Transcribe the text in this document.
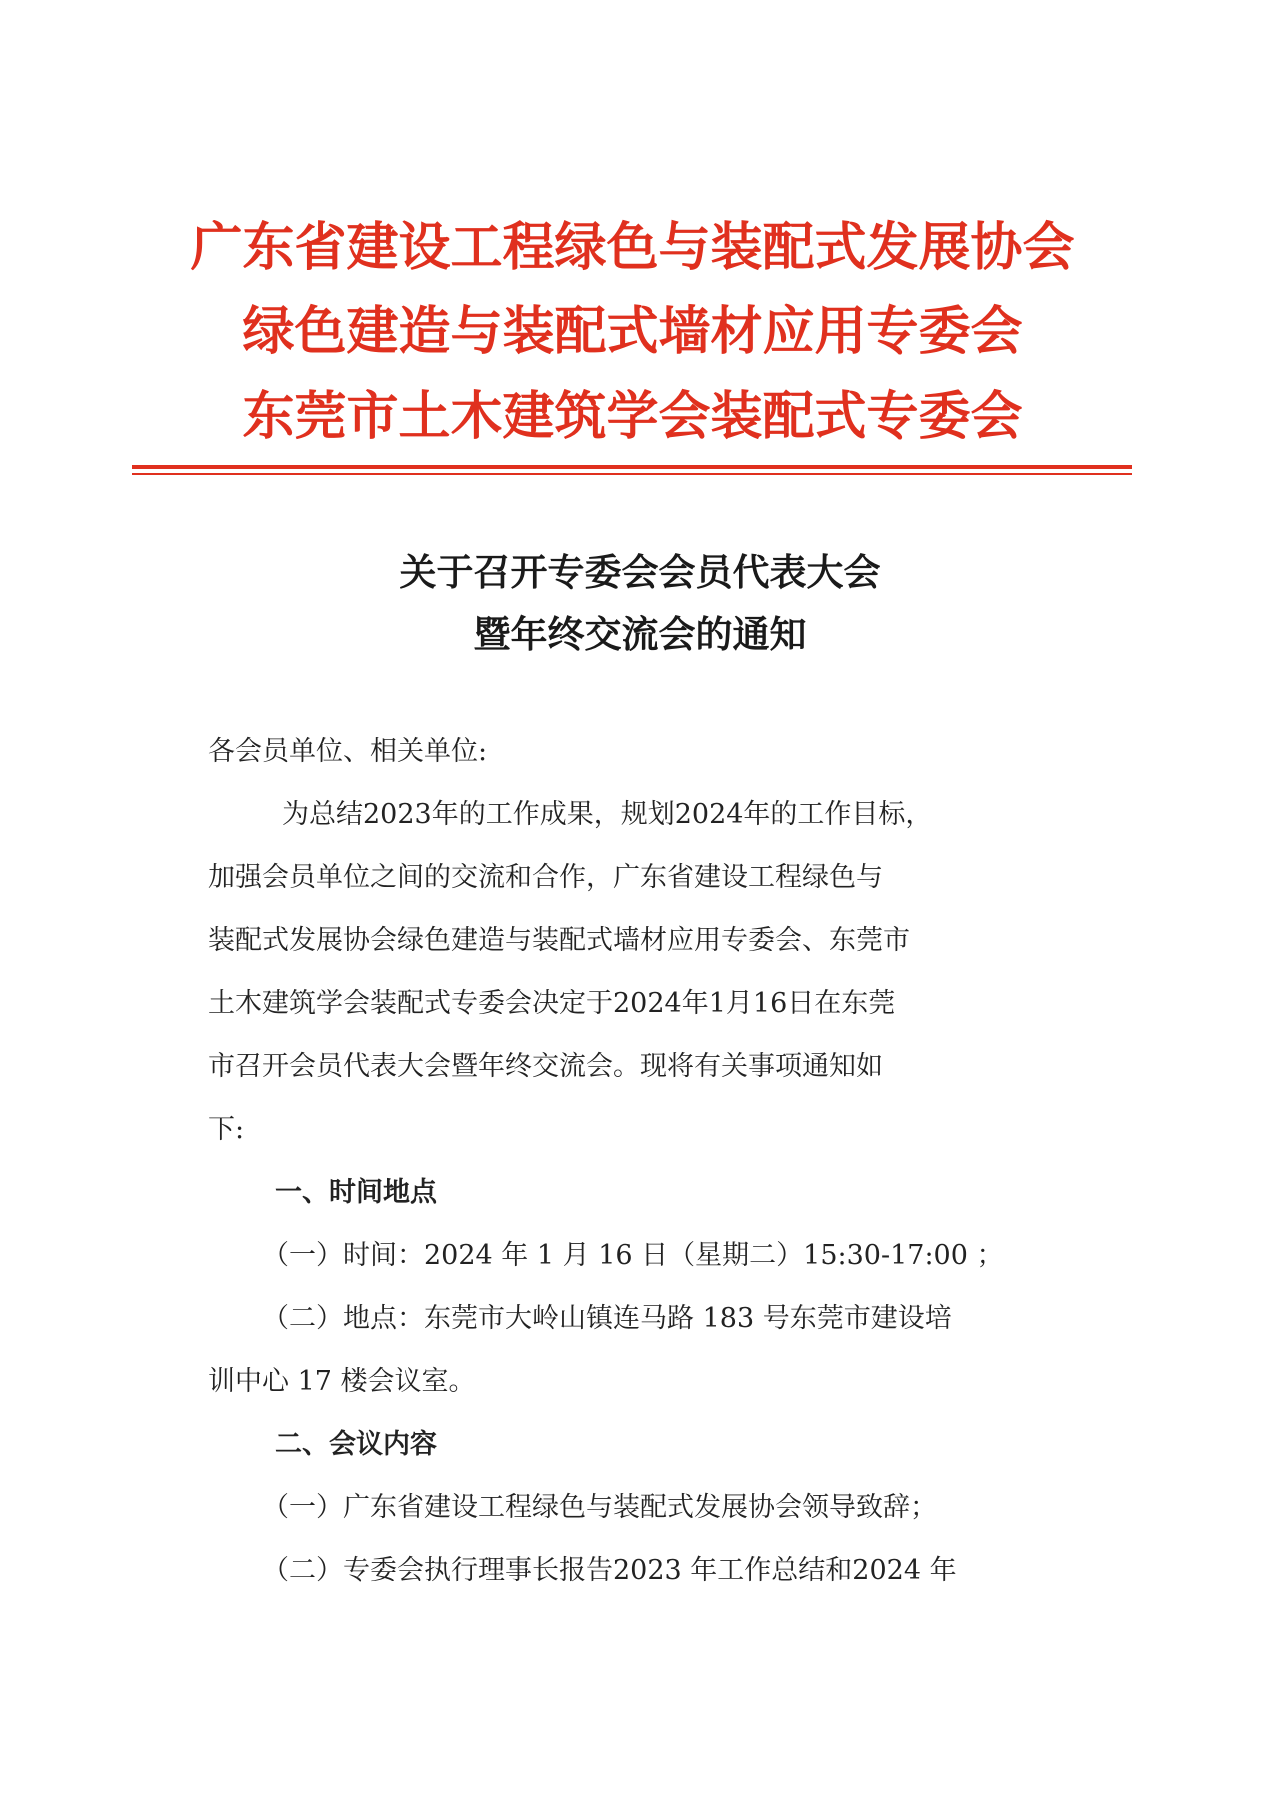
广东省建设工程绿色与装配式发展协会
绿色建造与装配式墙材应用专委会
东莞市土木建筑学会装配式专委会
关于召开专委会会员代表大会
暨年终交流会的通知
各会员单位、相关单位:
为总结2023年的工作成果，规划2024年的工作目标，
加强会员单位之间的交流和合作，广东省建设工程绿色与
装配式发展协会绿色建造与装配式墙材应用专委会、东莞市
土木建筑学会装配式专委会决定于2024年1月16日在东莞
市召开会员代表大会暨年终交流会。现将有关事项通知如
下:
一、时间地点
（一）时间：2024 年 1 月 16 日（星期二）15:30-17:00 ；
（二）地点：东莞市大岭山镇连马路 183 号东莞市建设培
训中心 17 楼会议室。
二、会议内容
（一）广东省建设工程绿色与装配式发展协会领导致辞；
（二）专委会执行理事长报告2023 年工作总结和2024 年
